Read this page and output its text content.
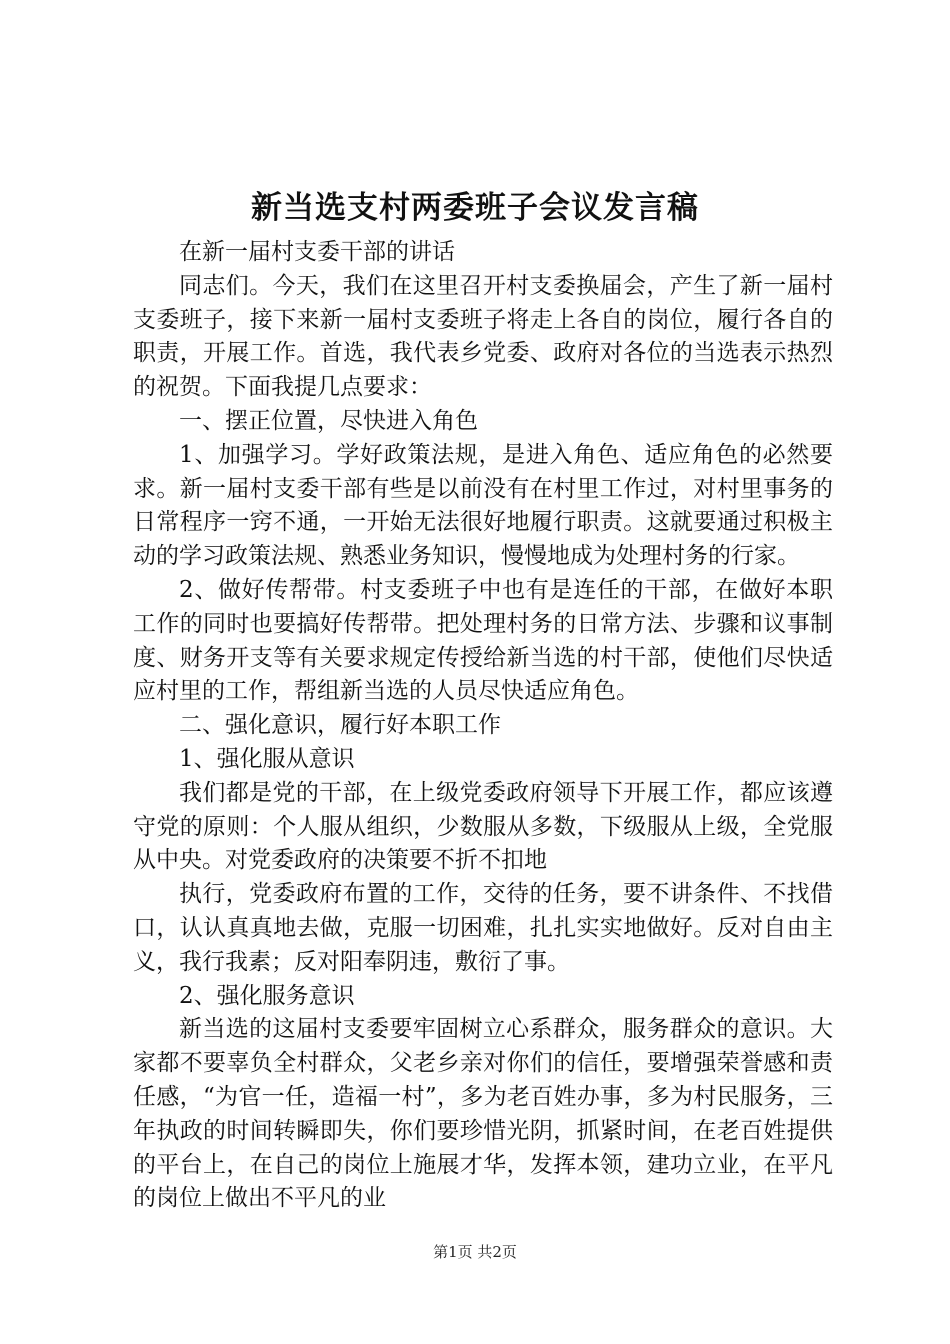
新当选支村两委班子会议发言稿

在新一届村支委干部的讲话

同志们。今天，我们在这里召开村支委换届会，产生了新一届村支委班子，接下来新一届村支委班子将走上各自的岗位，履行各自的职责，开展工作。首选，我代表乡党委、政府对各位的当选表示热烈的祝贺。下面我提几点要求：

一、摆正位置，尽快进入角色

1、加强学习。学好政策法规，是进入角色、适应角色的必然要求。新一届村支委干部有些是以前没有在村里工作过，对村里事务的日常程序一窍不通，一开始无法很好地履行职责。这就要通过积极主动的学习政策法规、熟悉业务知识，慢慢地成为处理村务的行家。

2、做好传帮带。村支委班子中也有是连任的干部，在做好本职工作的同时也要搞好传帮带。把处理村务的日常方法、步骤和议事制度、财务开支等有关要求规定传授给新当选的村干部，使他们尽快适应村里的工作，帮组新当选的人员尽快适应角色。

二、强化意识，履行好本职工作

1、强化服从意识

我们都是党的干部，在上级党委政府领导下开展工作，都应该遵守党的原则：个人服从组织，少数服从多数，下级服从上级，全党服从中央。对党委政府的决策要不折不扣地

执行，党委政府布置的工作，交待的任务，要不讲条件、不找借口，认认真真地去做，克服一切困难，扎扎实实地做好。反对自由主义，我行我素；反对阳奉阴违，敷衍了事。

2、强化服务意识

新当选的这届村支委要牢固树立心系群众，服务群众的意识。大家都不要辜负全村群众，父老乡亲对你们的信任，要增强荣誉感和责任感，“为官一任，造福一村”，多为老百姓办事，多为村民服务，三年执政的时间转瞬即失，你们要珍惜光阴，抓紧时间，在老百姓提供的平台上，在自己的岗位上施展才华，发挥本领，建功立业，在平凡的岗位上做出不平凡的业

第1页 共2页
